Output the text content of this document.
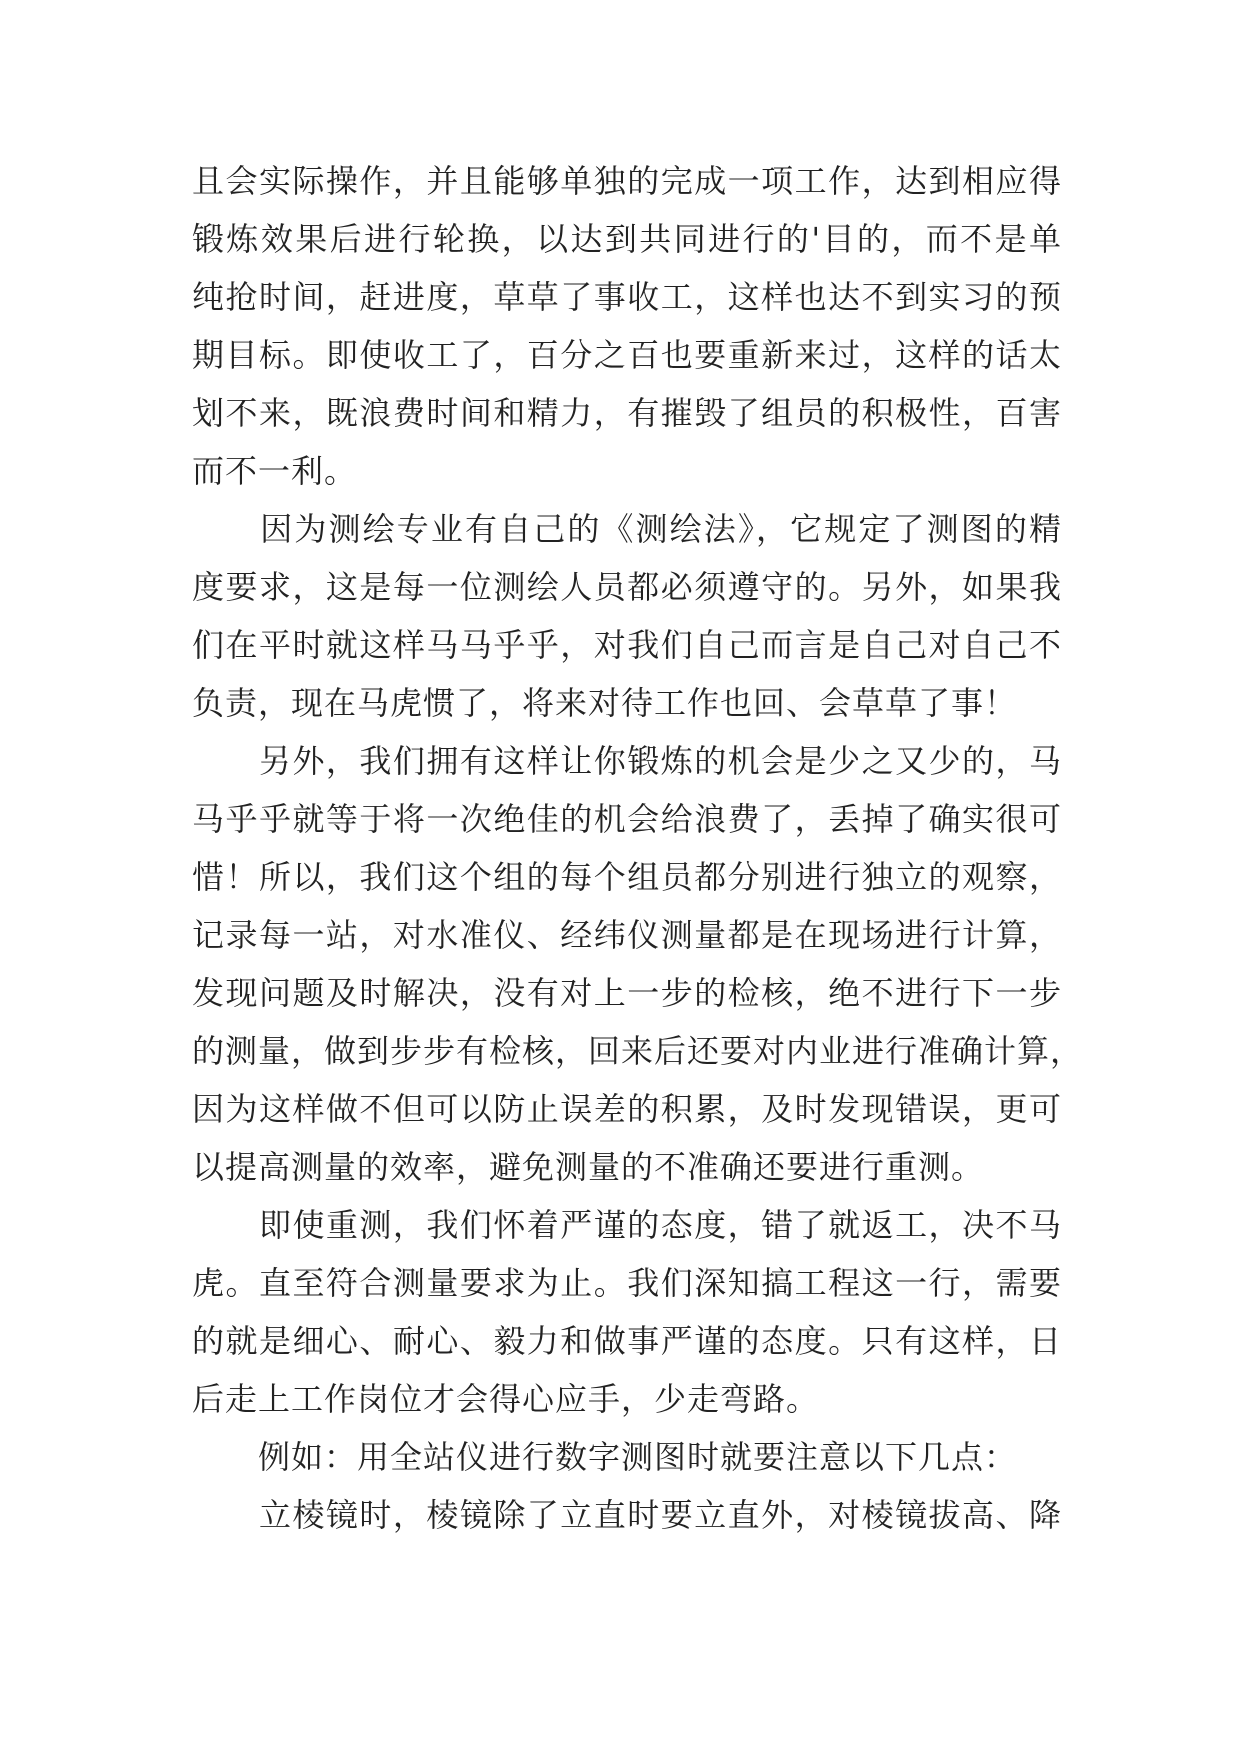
且会实际操作，并且能够单独的完成一项工作，达到相应得
锻炼效果后进行轮换，以达到共同进行的'目的，而不是单
纯抢时间，赶进度，草草了事收工，这样也达不到实习的预
期目标。即使收工了，百分之百也要重新来过，这样的话太
划不来，既浪费时间和精力，有摧毁了组员的积极性，百害
而不一利。
　　因为测绘专业有自己的《测绘法》，它规定了测图的精
度要求，这是每一位测绘人员都必须遵守的。另外，如果我
们在平时就这样马马乎乎，对我们自己而言是自己对自己不
负责，现在马虎惯了，将来对待工作也回、会草草了事！
　　另外，我们拥有这样让你锻炼的机会是少之又少的，马
马乎乎就等于将一次绝佳的机会给浪费了，丢掉了确实很可
惜！所以，我们这个组的每个组员都分别进行独立的观察，
记录每一站，对水准仪、经纬仪测量都是在现场进行计算，
发现问题及时解决，没有对上一步的检核，绝不进行下一步
的测量，做到步步有检核，回来后还要对内业进行准确计算，
因为这样做不但可以防止误差的积累，及时发现错误，更可
以提高测量的效率，避免测量的不准确还要进行重测。
　　即使重测，我们怀着严谨的态度，错了就返工，决不马
虎。直至符合测量要求为止。我们深知搞工程这一行，需要
的就是细心、耐心、毅力和做事严谨的态度。只有这样，日
后走上工作岗位才会得心应手，少走弯路。
　　例如：用全站仪进行数字测图时就要注意以下几点：
　　立棱镜时，棱镜除了立直时要立直外，对棱镜拔高、降
